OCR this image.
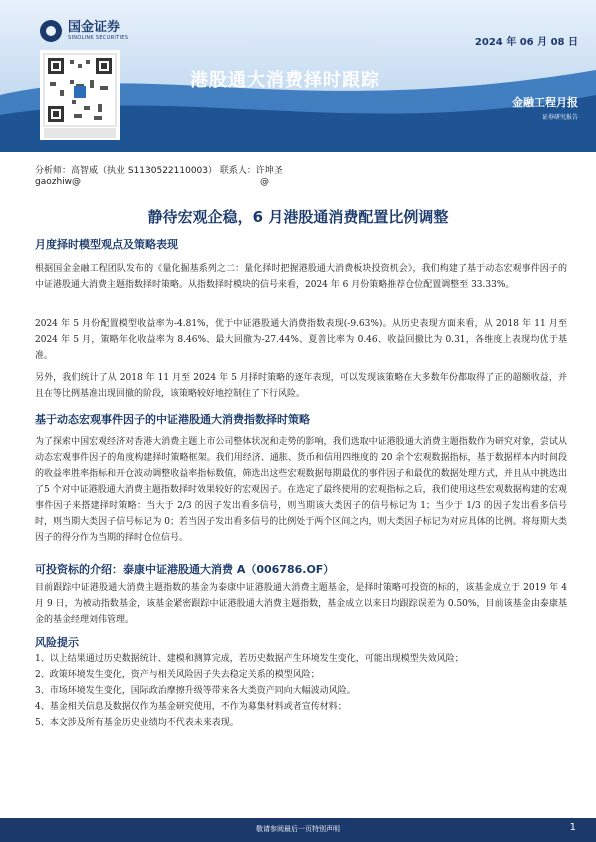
国金证券
SINOLINK SECURITIES	2024 年 06 月 08 日
港股通大消费择时跟踪
金融工程月报
证券研究报告
分析师：高智威（执业 S1130522110003） 联系人：许坤圣
gaozhiw@	@
静待宏观企稳，6 月港股通消费配置比例调整
月度择时模型观点及策略表现
根据国金金融工程团队发布的《量化掘基系列之二：量化择时把握港股通大消费板块投资机会》，我们构建了基于动态宏观事件因子的中证港股通大消费主题指数择时策略。从指数择时模块的信号来看，2024 年 6 月份策略推荐仓位配置调整至 33.33%。
2024 年 5 月份配置模型收益率为-4.81%，优于中证港股通大消费指数表现(-9.63%)。从历史表现方面来看，从 2018 年 11 月至 2024 年 5 月，策略年化收益率为 8.46%、最大回撤为-27.44%、夏普比率为 0.46、收益回撤比为 0.31，各维度上表现均优于基准。
另外，我们统计了从 2018 年 11 月至 2024 年 5 月择时策略的逐年表现，可以发现该策略在大多数年份都取得了正的超额收益，并且在等比例基准出现回撤的阶段，该策略较好地控制住了下行风险。
基于动态宏观事件因子的中证港股通大消费指数择时策略
为了探索中国宏观经济对香港大消费主题上市公司整体状况和走势的影响，我们选取中证港股通大消费主题指数作为研究对象，尝试从动态宏观事件因子的角度构建择时策略框架。我们用经济、通胀、货币和信用四维度的 20 余个宏观数据指标，基于数据样本内时间段的收益率胜率指标和开仓波动调整收益率指标数值，筛选出这些宏观数据每期最优的事件因子和最优的数据处理方式，并且从中挑选出了5 个对中证港股通大消费主题指数择时效果较好的宏观因子。在选定了最终使用的宏观指标之后，我们使用这些宏观数据构建的宏观事件因子来搭建择时策略：当大于 2/3 的因子发出看多信号，则当期该大类因子的信号标记为 1；当少于 1/3 的因子发出看多信号时，则当期大类因子信号标记为 0；若当因子发出看多信号的比例处于两个区间之内，则大类因子标记为对应具体的比例。将每期大类因子的得分作为当期的择时仓位信号。
可投资标的介绍：泰康中证港股通大消费 A（006786.OF）
目前跟踪中证港股通大消费主题指数的基金为泰康中证港股通大消费主题基金，是择时策略可投资的标的，该基金成立于 2019 年 4 月 9 日，为被动指数基金，该基金紧密跟踪中证港股通大消费主题指数，基金成立以来日均跟踪误差为 0.50%，目前该基金由泰康基金的基金经理刘伟管理。
风险提示
1、以上结果通过历史数据统计、建模和测算完成，若历史数据产生环境发生变化，可能出现模型失效风险；
2、政策环境发生变化，资产与相关风险因子失去稳定关系的模型风险；
3、市场环境发生变化，国际政治摩擦升级等带来各大类资产同向大幅波动风险。
4、基金相关信息及数据仅作为基金研究使用，不作为募集材料或者宣传材料；
5、本文涉及所有基金历史业绩均不代表未来表现。
敬请参阅最后一页特别声明	1
